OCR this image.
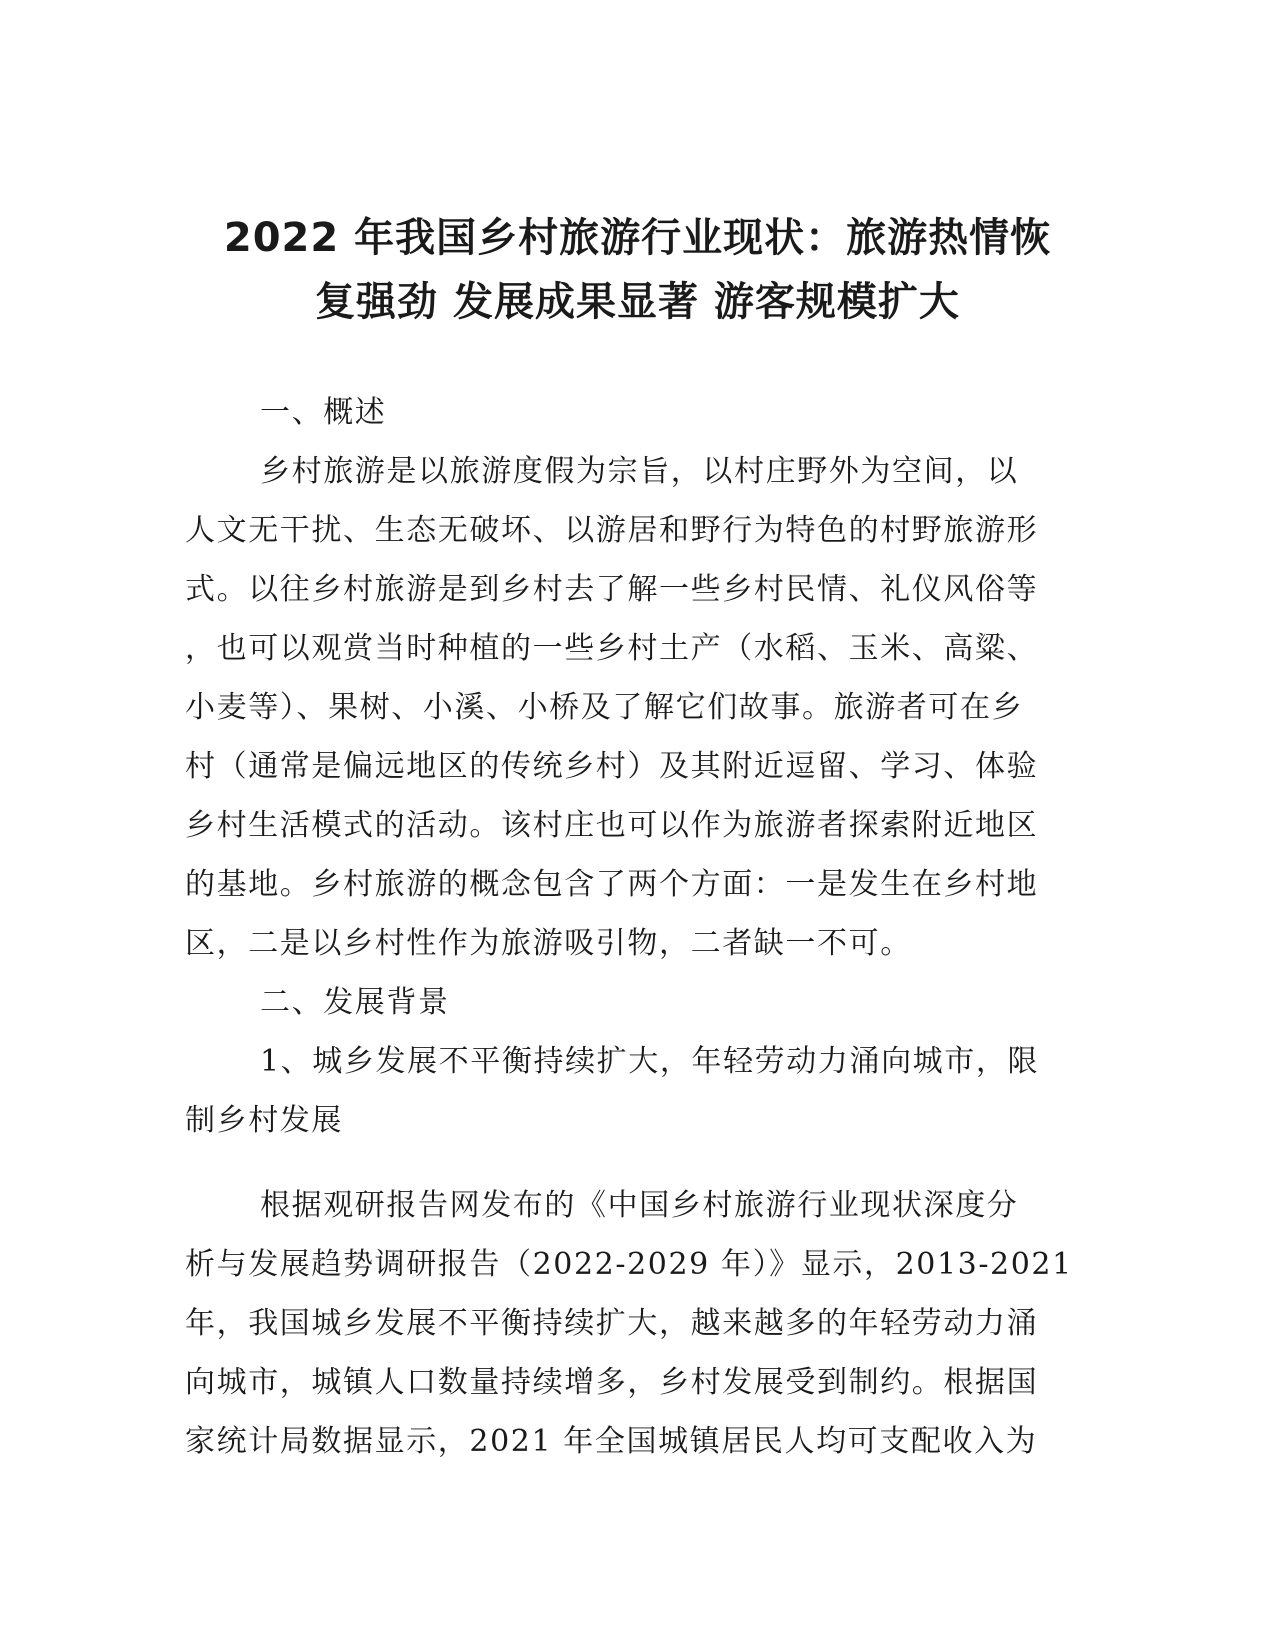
2022 年我国乡村旅游行业现状：旅游热情恢
复强劲 发展成果显著 游客规模扩大
一、概述
乡村旅游是以旅游度假为宗旨，以村庄野外为空间，以
人文无干扰、生态无破坏、以游居和野行为特色的村野旅游形
式。以往乡村旅游是到乡村去了解一些乡村民情、礼仪风俗等
，也可以观赏当时种植的一些乡村土产（水稻、玉米、高粱、
小麦等）、果树、小溪、小桥及了解它们故事。旅游者可在乡
村（通常是偏远地区的传统乡村）及其附近逗留、学习、体验
乡村生活模式的活动。该村庄也可以作为旅游者探索附近地区
的基地。乡村旅游的概念包含了两个方面：一是发生在乡村地
区，二是以乡村性作为旅游吸引物，二者缺一不可。
二、发展背景
1、城乡发展不平衡持续扩大，年轻劳动力涌向城市，限
制乡村发展
根据观研报告网发布的《中国乡村旅游行业现状深度分
析与发展趋势调研报告（2022-2029 年）》显示，2013-2021
年，我国城乡发展不平衡持续扩大，越来越多的年轻劳动力涌
向城市，城镇人口数量持续增多，乡村发展受到制约。根据国
家统计局数据显示，2021 年全国城镇居民人均可支配收入为
